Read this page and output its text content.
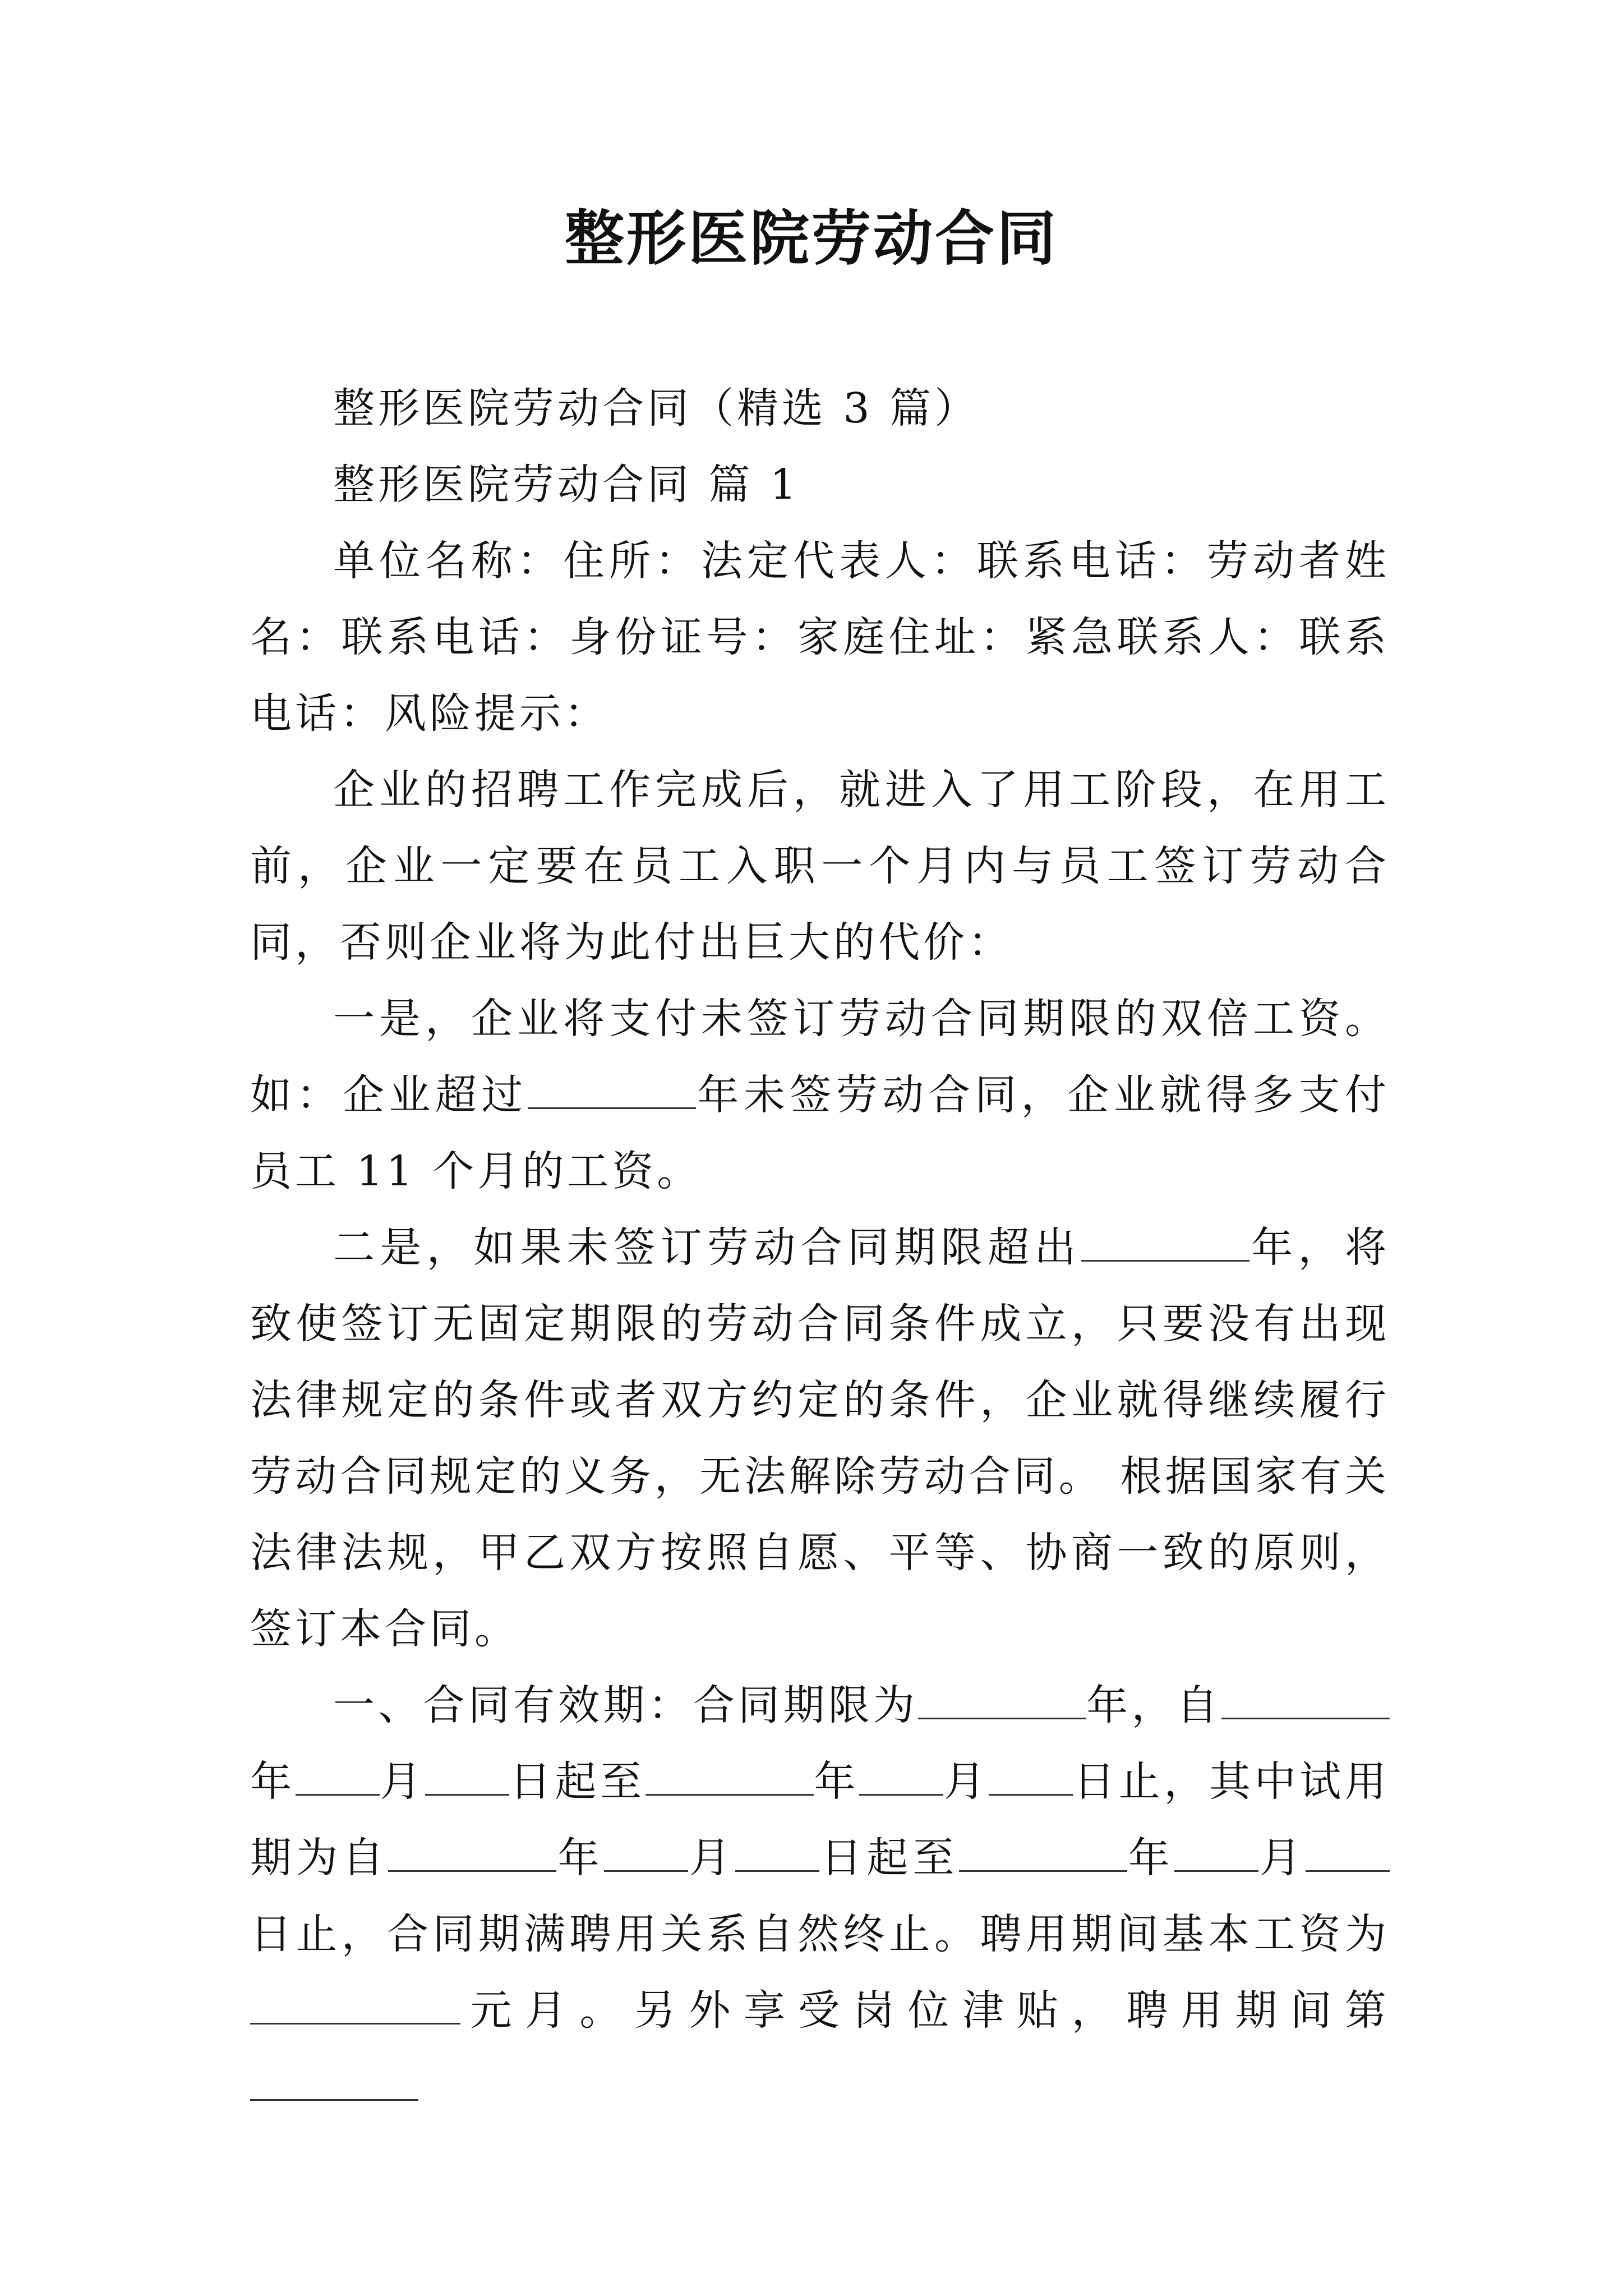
整形医院劳动合同

整形医院劳动合同（精选 3 篇）

整形医院劳动合同 篇 1

单位名称：住所：法定代表人：联系电话：劳动者姓名：联系电话：身份证号：家庭住址：紧急联系人：联系电话：风险提示：

企业的招聘工作完成后，就进入了用工阶段，在用工前，企业一定要在员工入职一个月内与员工签订劳动合同，否则企业将为此付出巨大的代价：

一是，企业将支付未签订劳动合同期限的双倍工资。如：企业超过	年未签劳动合同，企业就得多支付员工 11 个月的工资。

二是，如果未签订劳动合同期限超出	年，将致使签订无固定期限的劳动合同条件成立，只要没有出现法律规定的条件或者双方约定的条件，企业就得继续履行劳动合同规定的义务，无法解除劳动合同。 根据国家有关法律法规，甲乙双方按照自愿、平等、协商一致的原则，签订本合同。

一、合同有效期：合同期限为	年，自年 月 日起至	年 月 日止，其中试用期为自	年 月 日起至	年 月日止，合同期满聘用关系自然终止。聘用期间基本工资为元月。另外享受岗位津贴，聘用期间第
